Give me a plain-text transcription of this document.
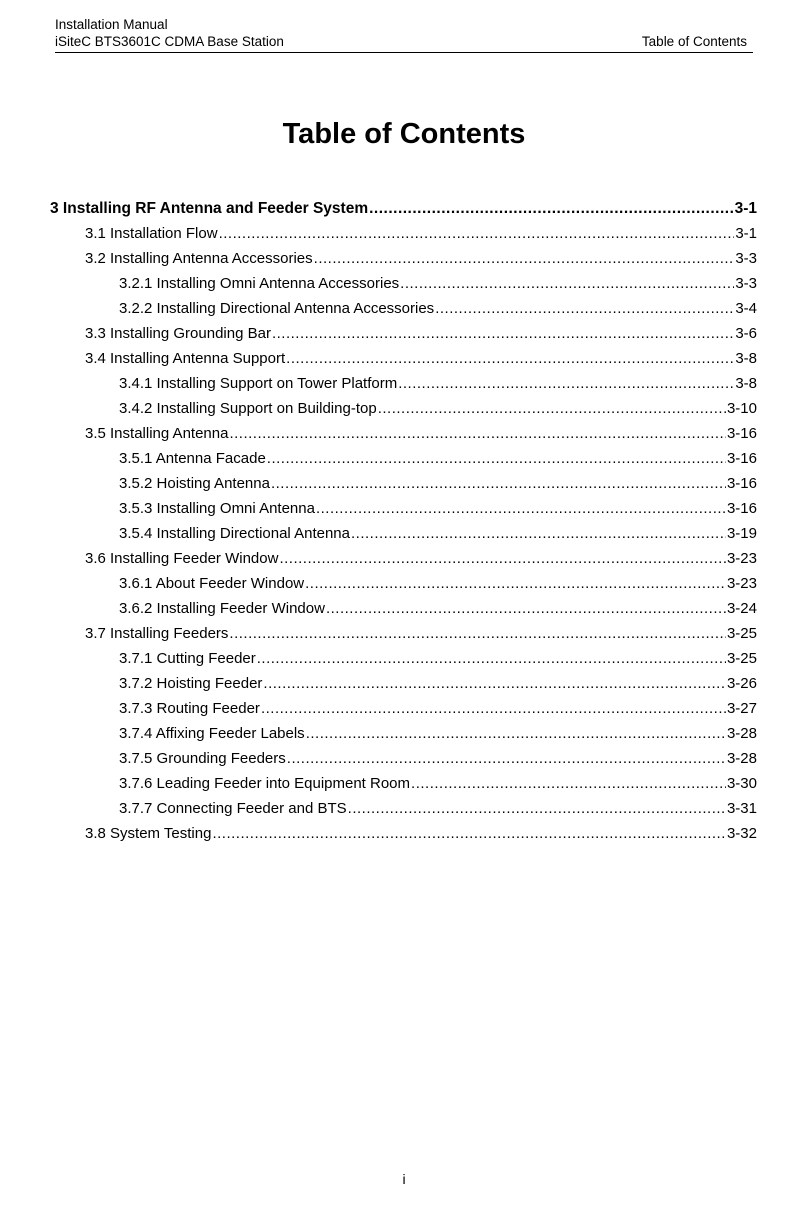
Installation Manual
iSiteC BTS3601C CDMA Base Station	Table of Contents
Table of Contents
3 Installing RF Antenna and Feeder System .....	3-1
3.1 Installation Flow .....	3-1
3.2 Installing Antenna Accessories .....	3-3
3.2.1 Installing Omni Antenna Accessories .....	3-3
3.2.2 Installing Directional Antenna Accessories .....	3-4
3.3 Installing Grounding Bar .....	3-6
3.4 Installing Antenna Support .....	3-8
3.4.1 Installing Support on Tower Platform .....	3-8
3.4.2 Installing Support on Building-top .....	3-10
3.5 Installing Antenna .....	3-16
3.5.1 Antenna Facade .....	3-16
3.5.2 Hoisting Antenna .....	3-16
3.5.3 Installing Omni Antenna .....	3-16
3.5.4 Installing Directional Antenna .....	3-19
3.6 Installing Feeder Window .....	3-23
3.6.1 About Feeder Window .....	3-23
3.6.2 Installing Feeder Window .....	3-24
3.7 Installing Feeders .....	3-25
3.7.1 Cutting Feeder .....	3-25
3.7.2 Hoisting Feeder .....	3-26
3.7.3 Routing Feeder .....	3-27
3.7.4 Affixing Feeder Labels .....	3-28
3.7.5 Grounding Feeders .....	3-28
3.7.6 Leading Feeder into Equipment Room .....	3-30
3.7.7 Connecting Feeder and BTS .....	3-31
3.8 System Testing .....	3-32
i
